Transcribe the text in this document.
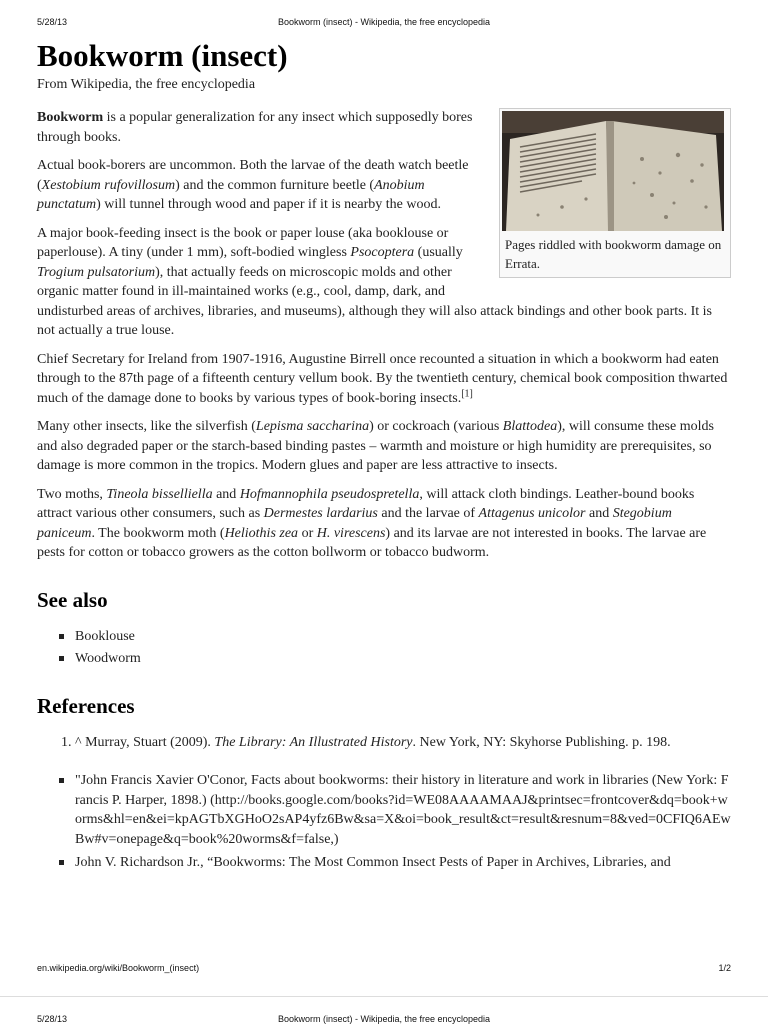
5/28/13	Bookworm (insect) - Wikipedia, the free encyclopedia
Bookworm (insect)
From Wikipedia, the free encyclopedia
Pages riddled with bookworm damage on Errata.

Bookworm is a popular generalization for any insect which supposedly bores through books.

Actual book-borers are uncommon. Both the larvae of the death watch beetle (Xestobium rufovillosum) and the common furniture beetle (Anobium punctatum) will tunnel through wood and paper if it is nearby the wood.

A major book-feeding insect is the book or paper louse (aka booklouse or paperlouse). A tiny (under 1 mm), soft-bodied wingless Psocoptera (usually Trogium pulsatorium), that actually feeds on microscopic molds and other organic matter found in ill-maintained works (e.g., cool, damp, dark, and undisturbed areas of archives, libraries, and museums), although they will also attack bindings and other book parts. It is not actually a true louse.

Chief Secretary for Ireland from 1907-1916, Augustine Birrell once recounted a situation in which a bookworm had eaten through to the 87th page of a fifteenth century vellum book. By the twentieth century, chemical book composition thwarted much of the damage done to books by various types of book-boring insects.[1]

Many other insects, like the silverfish (Lepisma saccharina) or cockroach (various Blattodea), will consume these molds and also degraded paper or the starch-based binding pastes – warmth and moisture or high humidity are prerequisites, so damage is more common in the tropics. Modern glues and paper are less attractive to insects.

Two moths, Tineola bisselliella and Hofmannophila pseudospretella, will attack cloth bindings. Leather-bound books attract various other consumers, such as Dermestes lardarius and the larvae of Attagenus unicolor and Stegobium paniceum. The bookworm moth (Heliothis zea or H. virescens) and its larvae are not interested in books. The larvae are pests for cotton or tobacco growers as the cotton bollworm or tobacco budworm.

See also
Booklouse
Woodworm
References
1. ^ Murray, Stuart (2009). The Library: An Illustrated History. New York, NY: Skyhorse Publishing. p. 198.
"John Francis Xavier O'Conor, Facts about bookworms: their history in literature and work in libraries (New York: Francis P. Harper, 1898.) (http://books.google.com/books?id=WE08AAAAMAAJ&printsec=frontcover&dq=book+worms&hl=en&ei=kpAGTbXGHoO2sAP4yfz6Bw&sa=X&oi=book_result&ct=result&resnum=8&ved=0CFIQ6AEwBw#v=onepage&q=book%20worms&f=false,)
John V. Richardson Jr., “Bookworms: The Most Common Insect Pests of Paper in Archives, Libraries, and
en.wikipedia.org/wiki/Bookworm_(insect)	1/2
5/28/13	Bookworm (insect) - Wikipedia, the free encyclopedia
